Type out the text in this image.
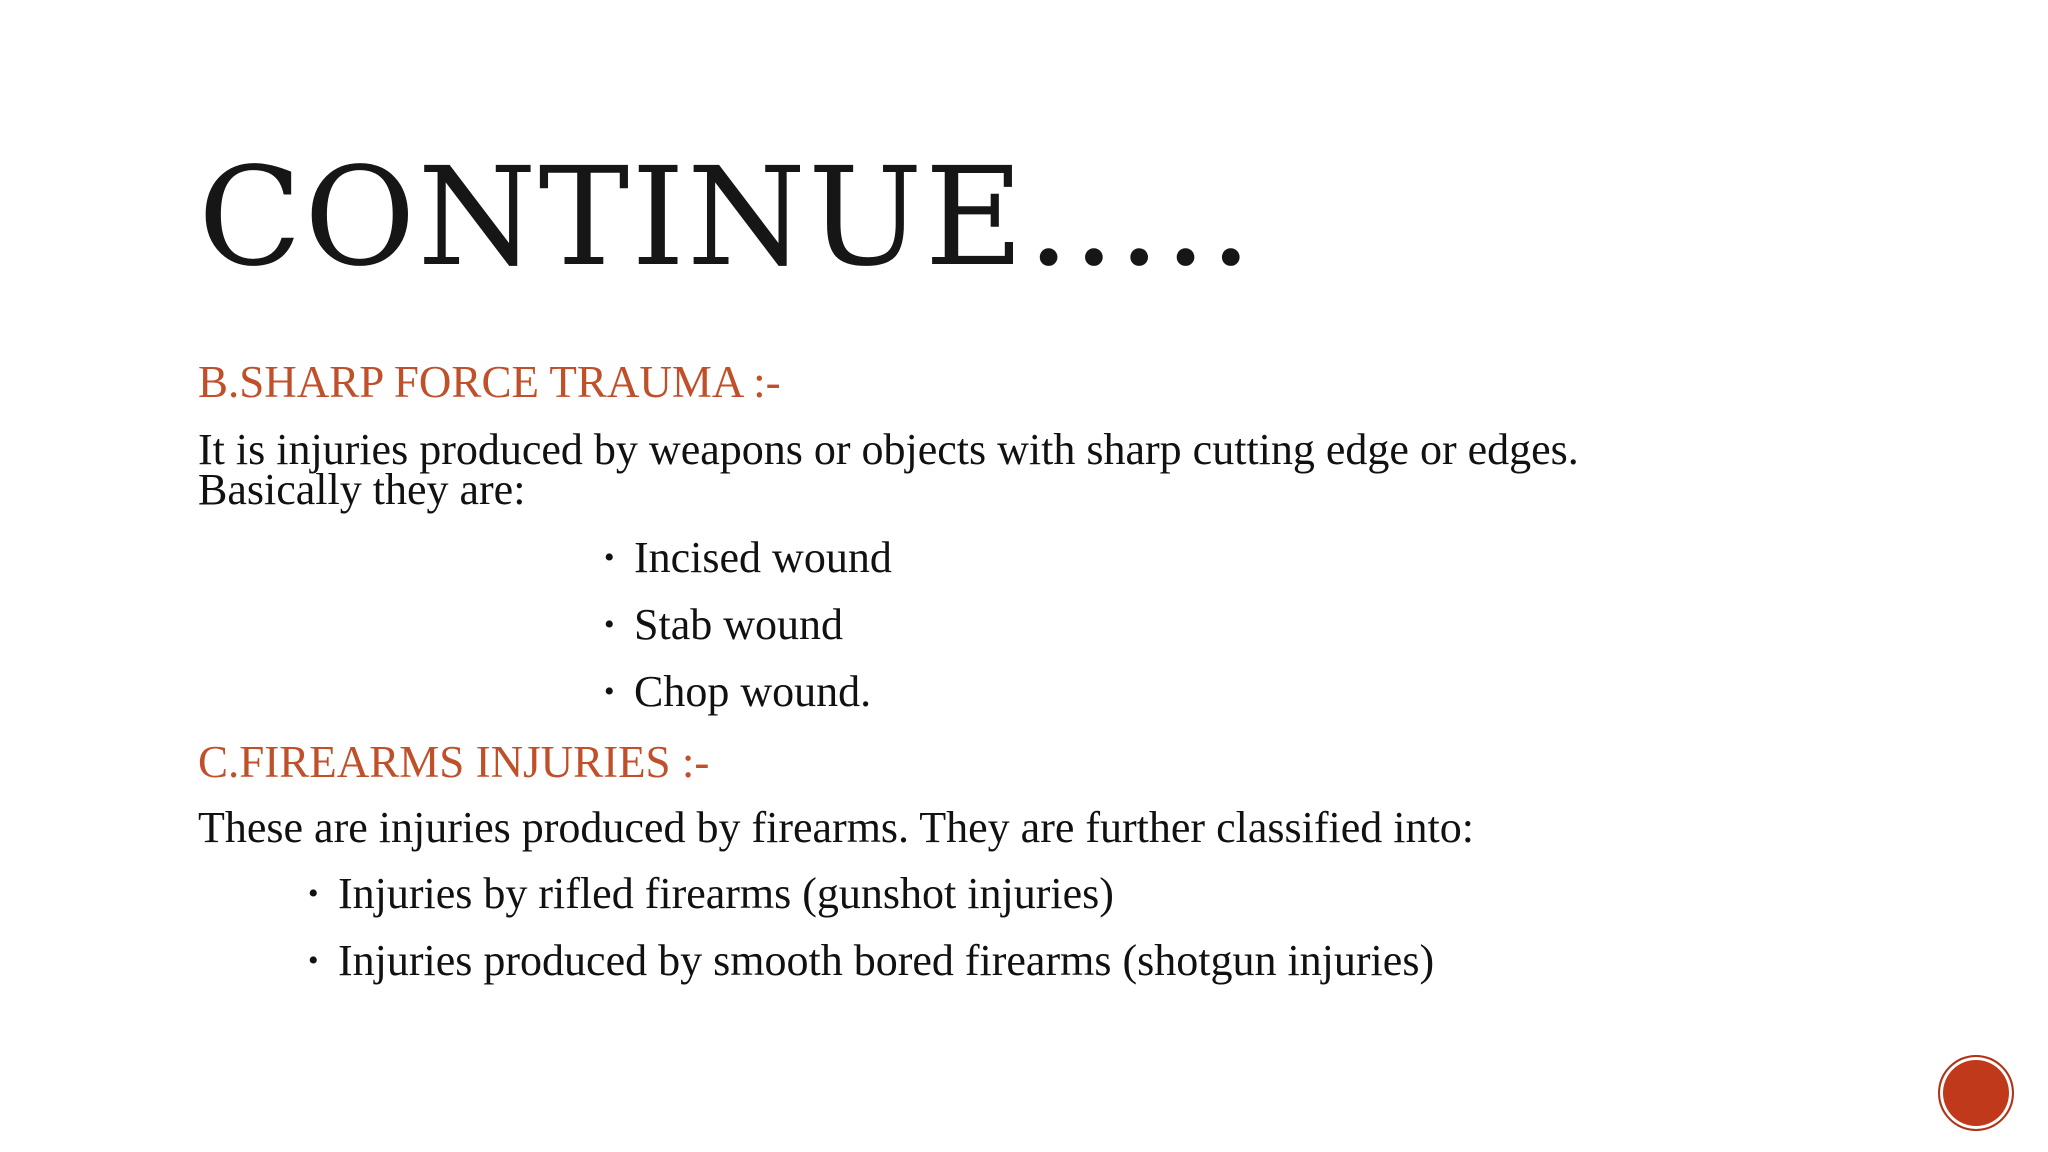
CONTINUE…..
B.SHARP FORCE TRAUMA :-
It is injuries produced by weapons or objects with sharp cutting edge or edges.
Basically they are:
• Incised wound
• Stab wound
• Chop wound.
C.FIREARMS INJURIES :-
These are injuries produced by firearms. They are further classified into:
• Injuries by rifled firearms (gunshot injuries)
• Injuries produced by smooth bored firearms (shotgun injuries)
